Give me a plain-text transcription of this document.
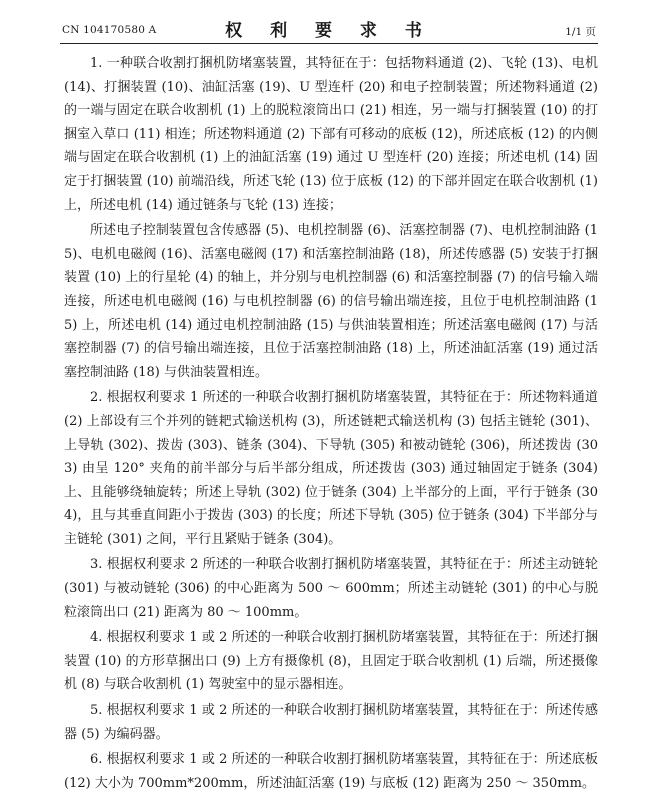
CN 104170580 A	权 利 要 求 书	1/1 页

1. 一种联合收割打捆机防堵塞装置，其特征在于：包括物料通道 (2)、飞轮 (13)、电机 (14)、打捆装置 (10)、油缸活塞 (19)、U 型连杆 (20) 和电子控制装置；所述物料通道 (2) 的一端与固定在联合收割机 (1) 上的脱粒滚筒出口 (21) 相连，另一端与打捆装置 (10) 的打捆室入草口 (11) 相连；所述物料通道 (2) 下部有可移动的底板 (12)，所述底板 (12) 的内侧端与固定在联合收割机 (1) 上的油缸活塞 (19) 通过 U 型连杆 (20) 连接；所述电机 (14) 固定于打捆装置 (10) 前端沿线，所述飞轮 (13) 位于底板 (12) 的下部并固定在联合收割机 (1) 上，所述电机 (14) 通过链条与飞轮 (13) 连接；

所述电子控制装置包含传感器 (5)、电机控制器 (6)、活塞控制器 (7)、电机控制油路 (15)、电机电磁阀 (16)、活塞电磁阀 (17) 和活塞控制油路 (18)，所述传感器 (5) 安装于打捆装置 (10) 上的行星轮 (4) 的轴上，并分别与电机控制器 (6) 和活塞控制器 (7) 的信号输入端连接，所述电机电磁阀 (16) 与电机控制器 (6) 的信号输出端连接，且位于电机控制油路 (15) 上，所述电机 (14) 通过电机控制油路 (15) 与供油装置相连；所述活塞电磁阀 (17) 与活塞控制器 (7) 的信号输出端连接，且位于活塞控制油路 (18) 上，所述油缸活塞 (19) 通过活塞控制油路 (18) 与供油装置相连。

2. 根据权利要求 1 所述的一种联合收割打捆机防堵塞装置，其特征在于：所述物料通道 (2) 上部设有三个并列的链耙式输送机构 (3)，所述链耙式输送机构 (3) 包括主链轮 (301)、上导轨 (302)、拨齿 (303)、链条 (304)、下导轨 (305) 和被动链轮 (306)，所述拨齿 (303) 由呈 120° 夹角的前半部分与后半部分组成，所述拨齿 (303) 通过轴固定于链条 (304) 上、且能够绕轴旋转；所述上导轨 (302) 位于链条 (304) 上半部分的上面，平行于链条 (304)，且与其垂直间距小于拨齿 (303) 的长度；所述下导轨 (305) 位于链条 (304) 下半部分与主链轮 (301) 之间，平行且紧贴于链条 (304)。

3. 根据权利要求 2 所述的一种联合收割打捆机防堵塞装置，其特征在于：所述主动链轮 (301) 与被动链轮 (306) 的中心距离为 500 ～ 600mm；所述主动链轮 (301) 的中心与脱粒滚筒出口 (21) 距离为 80 ～ 100mm。

4. 根据权利要求 1 或 2 所述的一种联合收割打捆机防堵塞装置，其特征在于：所述打捆装置 (10) 的方形草捆出口 (9) 上方有摄像机 (8)，且固定于联合收割机 (1) 后端，所述摄像机 (8) 与联合收割机 (1) 驾驶室中的显示器相连。

5. 根据权利要求 1 或 2 所述的一种联合收割打捆机防堵塞装置，其特征在于：所述传感器 (5) 为编码器。

6. 根据权利要求 1 或 2 所述的一种联合收割打捆机防堵塞装置，其特征在于：所述底板 (12) 大小为 700mm*200mm，所述油缸活塞 (19) 与底板 (12) 距离为 250 ～ 350mm。
